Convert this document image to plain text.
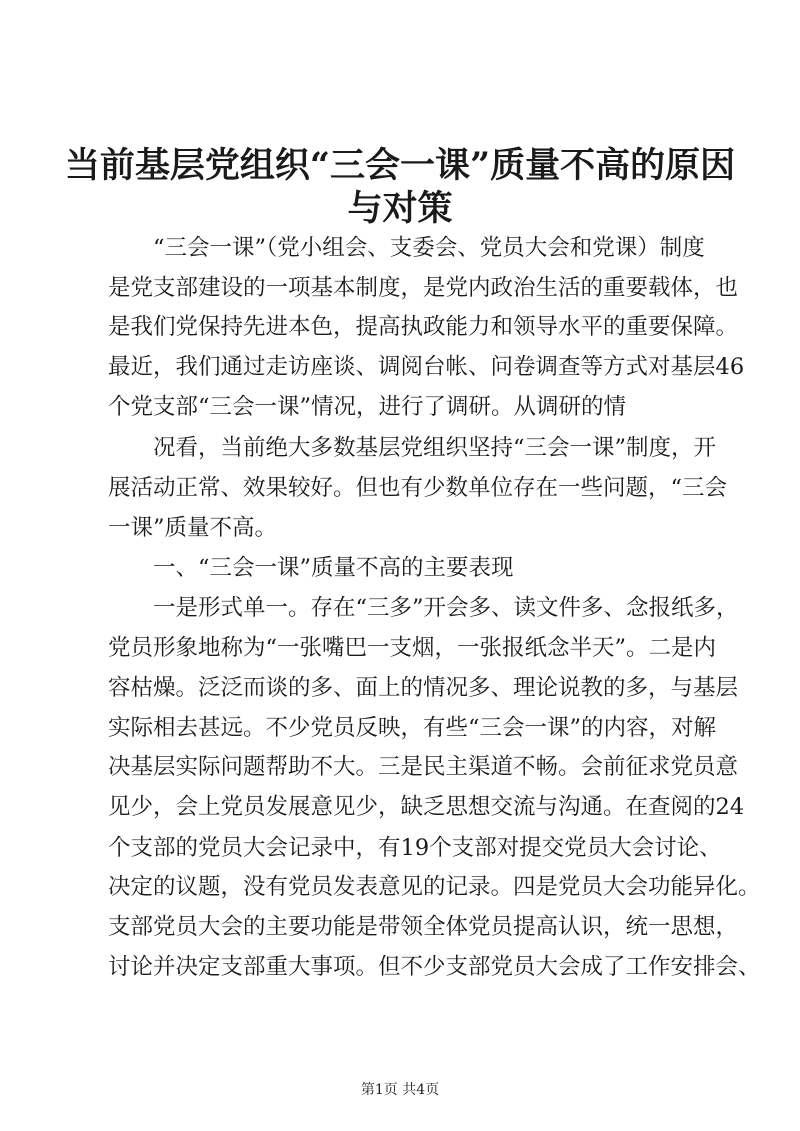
当前基层党组织“三会一课”质量不高的原因
与对策
“三会一课”（党小组会、支委会、党员大会和党课）制度
是党支部建设的一项基本制度，是党内政治生活的重要载体，也
是我们党保持先进本色，提高执政能力和领导水平的重要保障。
最近，我们通过走访座谈、调阅台帐、问卷调查等方式对基层46
个党支部“三会一课”情况，进行了调研。从调研的情
况看，当前绝大多数基层党组织坚持“三会一课”制度，开
展活动正常、效果较好。但也有少数单位存在一些问题，“三会
一课”质量不高。
一、“三会一课”质量不高的主要表现
一是形式单一。存在“三多”开会多、读文件多、念报纸多，
党员形象地称为“一张嘴巴一支烟，一张报纸念半天”。二是内
容枯燥。泛泛而谈的多、面上的情况多、理论说教的多，与基层
实际相去甚远。不少党员反映，有些“三会一课”的内容，对解
决基层实际问题帮助不大。三是民主渠道不畅。会前征求党员意
见少，会上党员发展意见少，缺乏思想交流与沟通。在查阅的24
个支部的党员大会记录中，有19个支部对提交党员大会讨论、
决定的议题，没有党员发表意见的记录。四是党员大会功能异化。
支部党员大会的主要功能是带领全体党员提高认识，统一思想，
讨论并决定支部重大事项。但不少支部党员大会成了工作安排会、
第1页 共4页
